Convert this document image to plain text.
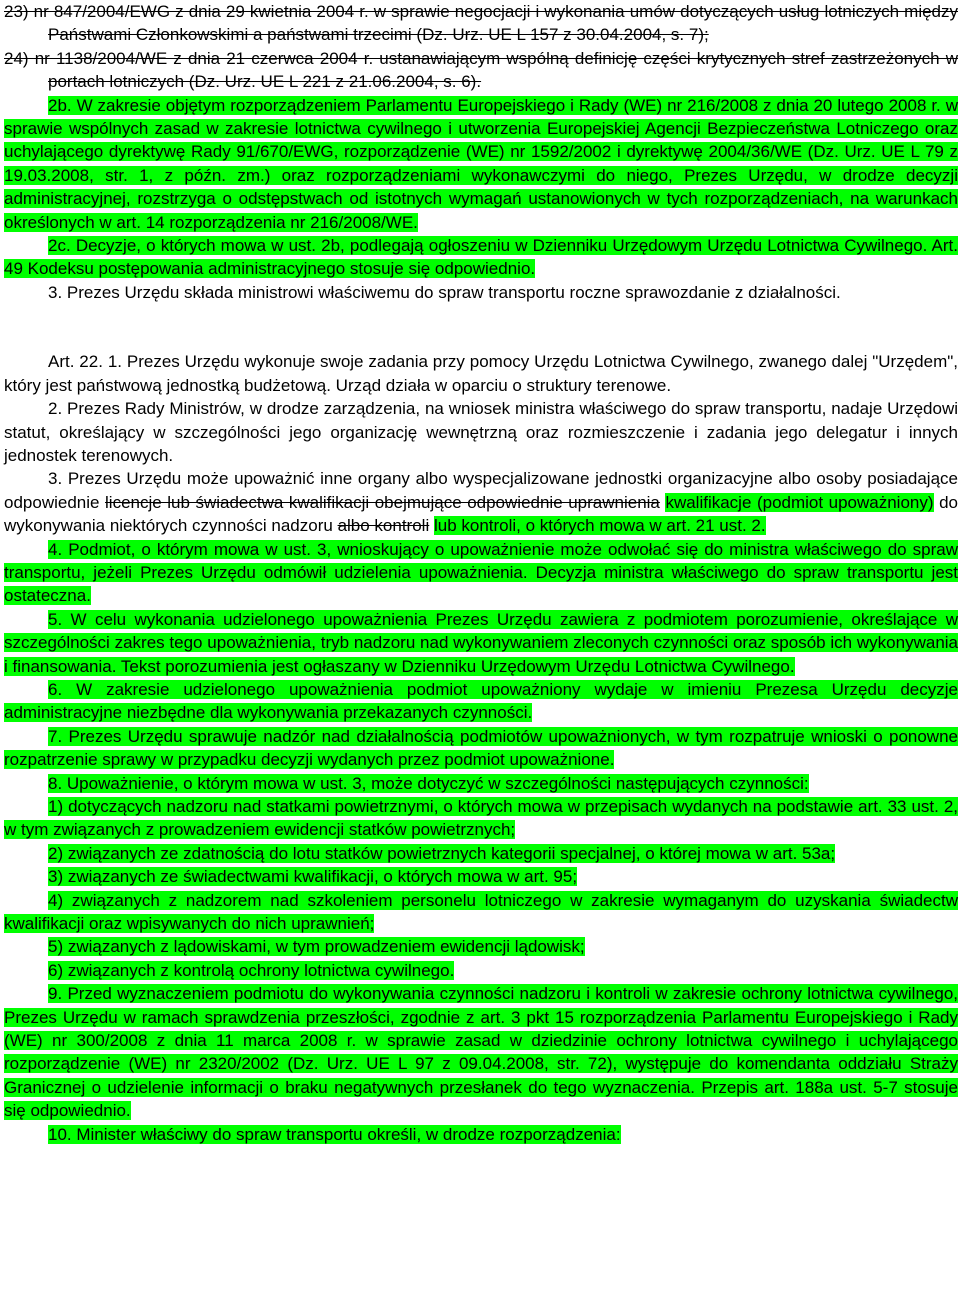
23) nr 847/2004/EWG z dnia 29 kwietnia 2004 r. w sprawie negocjacji i wykonania umów dotyczących usług lotniczych między Państwami Członkowskimi a państwami trzecimi (Dz. Urz. UE L 157 z 30.04.2004, s. 7);

24) nr 1138/2004/WE z dnia 21 czerwca 2004 r. ustanawiającym wspólną definicję części krytycznych stref zastrzeżonych w portach lotniczych (Dz. Urz. UE L 221 z 21.06.2004, s. 6).

2b. W zakresie objętym rozporządzeniem Parlamentu Europejskiego i Rady (WE) nr 216/2008 z dnia 20 lutego 2008 r. w sprawie wspólnych zasad w zakresie lotnictwa cywilnego i utworzenia Europejskiej Agencji Bezpieczeństwa Lotniczego oraz uchylającego dyrektywę Rady 91/670/EWG, rozporządzenie (WE) nr 1592/2002 i dyrektywę 2004/36/WE (Dz. Urz. UE L 79 z 19.03.2008, str. 1, z późn. zm.) oraz rozporządzeniami wykonawczymi do niego, Prezes Urzędu, w drodze decyzji administracyjnej, rozstrzyga o odstępstwach od istotnych wymagań ustanowionych w tych rozporządzeniach, na warunkach określonych w art. 14 rozporządzenia nr 216/2008/WE.

2c. Decyzje, o których mowa w ust. 2b, podlegają ogłoszeniu w Dzienniku Urzędowym Urzędu Lotnictwa Cywilnego. Art. 49 Kodeksu postępowania administracyjnego stosuje się odpowiednio.

3. Prezes Urzędu składa ministrowi właściwemu do spraw transportu roczne sprawozdanie z działalności.

Art. 22. 1. Prezes Urzędu wykonuje swoje zadania przy pomocy Urzędu Lotnictwa Cywilnego, zwanego dalej "Urzędem", który jest państwową jednostką budżetową. Urząd działa w oparciu o struktury terenowe.

2. Prezes Rady Ministrów, w drodze zarządzenia, na wniosek ministra właściwego do spraw transportu, nadaje Urzędowi statut, określający w szczególności jego organizację wewnętrzną oraz rozmieszczenie i zadania jego delegatur i innych jednostek terenowych.

3. Prezes Urzędu może upoważnić inne organy albo wyspecjalizowane jednostki organizacyjne albo osoby posiadające odpowiednie licencje lub świadectwa kwalifikacji obejmujące odpowiednie uprawnienia kwalifikacje (podmiot upoważniony) do wykonywania niektórych czynności nadzoru albo kontroli lub kontroli, o których mowa w art. 21 ust. 2.

4. Podmiot, o którym mowa w ust. 3, wnioskujący o upoważnienie może odwołać się do ministra właściwego do spraw transportu, jeżeli Prezes Urzędu odmówił udzielenia upoważnienia. Decyzja ministra właściwego do spraw transportu jest ostateczna.

5. W celu wykonania udzielonego upoważnienia Prezes Urzędu zawiera z podmiotem porozumienie, określające w szczególności zakres tego upoważnienia, tryb nadzoru nad wykonywaniem zleconych czynności oraz sposób ich wykonywania i finansowania. Tekst porozumienia jest ogłaszany w Dzienniku Urzędowym Urzędu Lotnictwa Cywilnego.

6. W zakresie udzielonego upoważnienia podmiot upoważniony wydaje w imieniu Prezesa Urzędu decyzje administracyjne niezbędne dla wykonywania przekazanych czynności.

7. Prezes Urzędu sprawuje nadzór nad działalnością podmiotów upoważnionych, w tym rozpatruje wnioski o ponowne rozpatrzenie sprawy w przypadku decyzji wydanych przez podmiot upoważnione.

8. Upoważnienie, o którym mowa w ust. 3, może dotyczyć w szczególności następujących czynności:

1) dotyczących nadzoru nad statkami powietrznymi, o których mowa w przepisach wydanych na podstawie art. 33 ust. 2, w tym związanych z prowadzeniem ewidencji statków powietrznych;

2) związanych ze zdatnością do lotu statków powietrznych kategorii specjalnej, o której mowa w art. 53a;

3) związanych ze świadectwami kwalifikacji, o których mowa w art. 95;

4) związanych z nadzorem nad szkoleniem personelu lotniczego w zakresie wymaganym do uzyskania świadectw kwalifikacji oraz wpisywanych do nich uprawnień;

5) związanych z lądowiskami, w tym prowadzeniem ewidencji lądowisk;

6) związanych z kontrolą ochrony lotnictwa cywilnego.

9. Przed wyznaczeniem podmiotu do wykonywania czynności nadzoru i kontroli w zakresie ochrony lotnictwa cywilnego, Prezes Urzędu w ramach sprawdzenia przeszłości, zgodnie z art. 3 pkt 15 rozporządzenia Parlamentu Europejskiego i Rady (WE) nr 300/2008 z dnia 11 marca 2008 r. w sprawie zasad w dziedzinie ochrony lotnictwa cywilnego i uchylającego rozporządzenie (WE) nr 2320/2002 (Dz. Urz. UE L 97 z 09.04.2008, str. 72), występuje do komendanta oddziału Straży Granicznej o udzielenie informacji o braku negatywnych przesłanek do tego wyznaczenia. Przepis art. 188a ust. 5-7 stosuje się odpowiednio.

10. Minister właściwy do spraw transportu określi, w drodze rozporządzenia:
